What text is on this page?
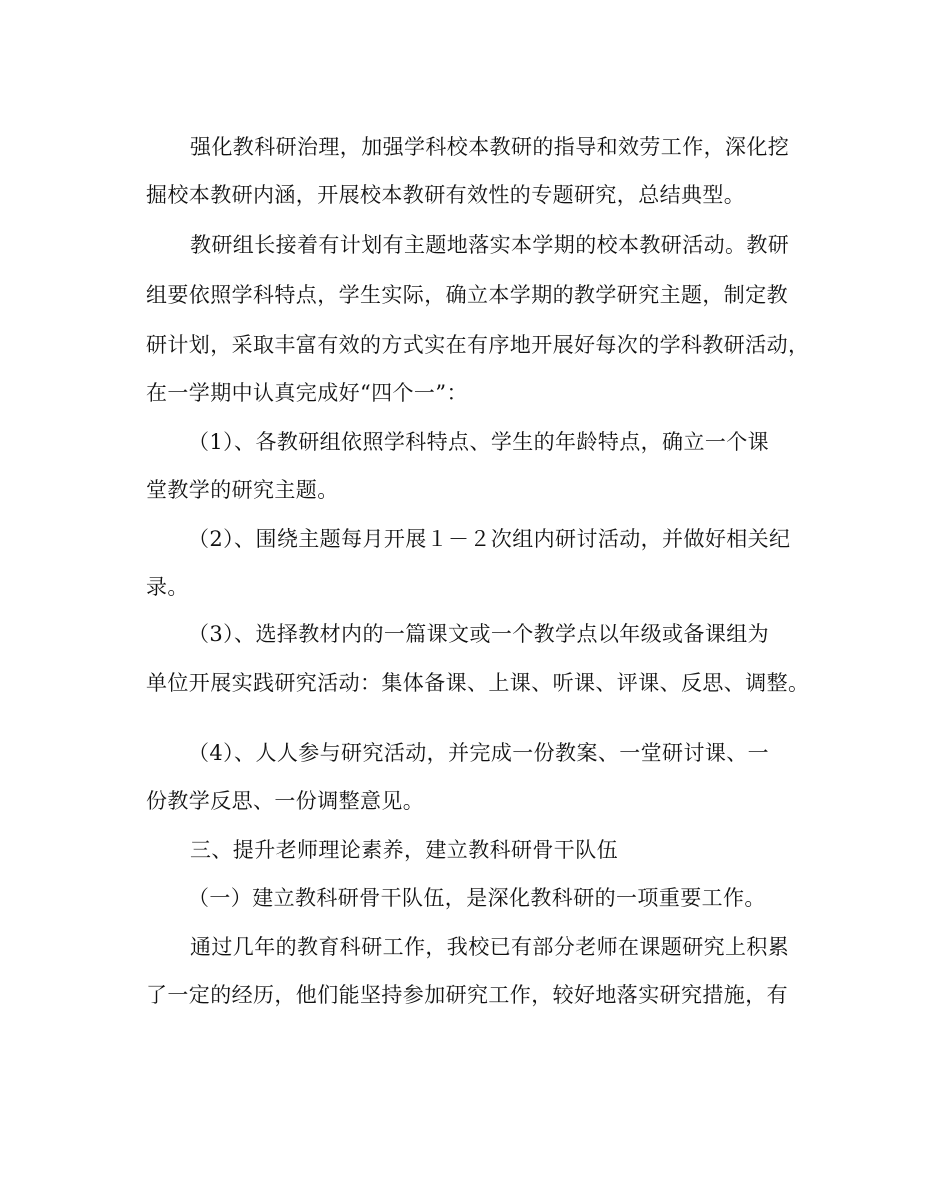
强化教科研治理，加强学科校本教研的指导和效劳工作，深化挖
掘校本教研内涵，开展校本教研有效性的专题研究，总结典型。
教研组长接着有计划有主题地落实本学期的校本教研活动。教研
组要依照学科特点，学生实际，确立本学期的教学研究主题，制定教
研计划，采取丰富有效的方式实在有序地开展好每次的学科教研活动，
在一学期中认真完成好“四个一”：
（1）、各教研组依照学科特点、学生的年龄特点，确立一个课
堂教学的研究主题。
（2）、围绕主题每月开展１－２次组内研讨活动，并做好相关纪
录。
（3）、选择教材内的一篇课文或一个教学点以年级或备课组为
单位开展实践研究活动：集体备课、上课、听课、评课、反思、调整。
（4）、人人参与研究活动，并完成一份教案、一堂研讨课、一
份教学反思、一份调整意见。
三、提升老师理论素养，建立教科研骨干队伍
（一）建立教科研骨干队伍，是深化教科研的一项重要工作。
通过几年的教育科研工作，我校已有部分老师在课题研究上积累
了一定的经历，他们能坚持参加研究工作，较好地落实研究措施，有
